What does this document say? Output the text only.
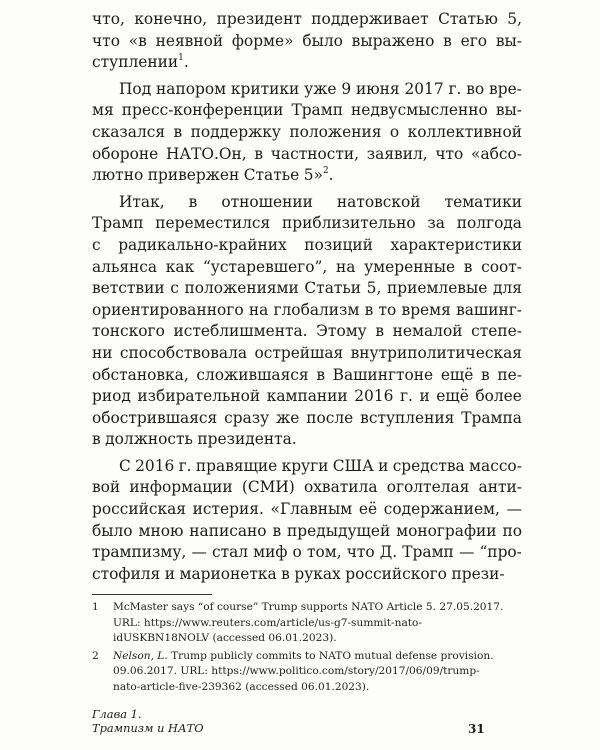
что, конечно, президент поддерживает Статью 5,
что «в неявной форме» было выражено в его вы-
ступлении$^1$.
Под напором критики уже 9 июня 2017 г. во вре-
мя пресс-конференции Трамп недвусмысленно вы-
сказался в поддержку положения о коллективной
обороне НАТО.Он, в частности, заявил, что «абсо-
лютно привержен Статье 5»$^2$.
Итак, в отношении натовской тематики
Трамп переместился приблизительно за полгода
с радикально-крайних позиций характеристики
альянса как “устаревшего”, на умеренные в соот-
ветствии с положениями Статьи 5, приемлевые для
ориентированного на глобализм в то время вашинг-
тонского истеблишмента. Этому в немалой степе-
ни способствовала острейшая внутриполитическая
обстановка, сложившаяся в Вашингтоне ещё в пе-
риод избирательной кампании 2016 г. и ещё более
обострившаяся сразу же после вступления Трампа
в должность президента.
С 2016 г. правящие круги США и средства массо-
вой информации (СМИ) охватила оголтелая анти-
российская истерия. «Главным её содержанием, —
было мною написано в предыдущей монографии по
трампизму, — стал миф о том, что Д. Трамп — “про-
стофиля и марионетка в руках российского прези-
1	McMaster says “of course” Trump supports NATO Article 5. 27.05.2017.
URL: https://www.reuters.com/article/us-g7-summit-nato-
idUSKBN18NOLV (accessed 06.01.2023).
2	Nelson, L. Trump publicly commits to NATO mutual defense provision.
09.06.2017. URL: https://www.politico.com/story/2017/06/09/trump-
nato-article-five-239362 (accessed 06.01.2023).
Глава 1.
Трампизм и НАТО	31
